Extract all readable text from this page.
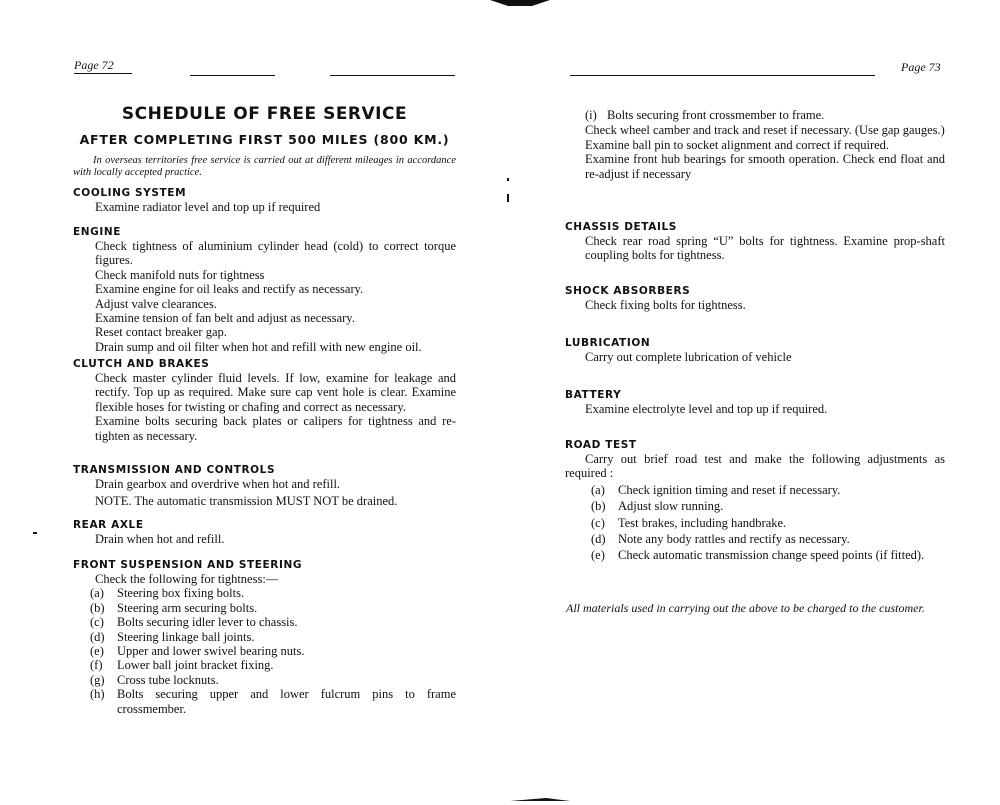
Page 72
SCHEDULE OF FREE SERVICE
AFTER COMPLETING FIRST 500 MILES (800 KM.)
In overseas territories free service is carried out at different mileages in accordance with locally accepted practice.
COOLING SYSTEM
Examine radiator level and top up if required
ENGINE
Check tightness of aluminium cylinder head (cold) to correct torque figures.
Check manifold nuts for tightness
Examine engine for oil leaks and rectify as necessary.
Adjust valve clearances.
Examine tension of fan belt and adjust as necessary.
Reset contact breaker gap.
Drain sump and oil filter when hot and refill with new engine oil.
CLUTCH AND BRAKES
Check master cylinder fluid levels. If low, examine for leakage and rectify. Top up as required. Make sure cap vent hole is clear. Examine flexible hoses for twisting or chafing and correct as necessary.
Examine bolts securing back plates or calipers for tightness and re-tighten as necessary.
TRANSMISSION AND CONTROLS
Drain gearbox and overdrive when hot and refill.
NOTE. The automatic transmission MUST NOT be drained.
REAR AXLE
Drain when hot and refill.
FRONT SUSPENSION AND STEERING
Check the following for tightness:—
(a)	Steering box fixing bolts.
(b) Steering arm securing bolts.
(c)	Bolts securing idler lever to chassis.
(d) Steering linkage ball joints.
(e)	Upper and lower swivel bearing nuts.
(f)	Lower ball joint bracket fixing.
(g) Cross tube locknuts.
(h) Bolts securing upper and lower fulcrum pins to frame crossmember.
Page 73
(i) Bolts securing front crossmember to frame.
Check wheel camber and track and reset if necessary. (Use gap gauges.)
Examine ball pin to socket alignment and correct if required.
Examine front hub bearings for smooth operation. Check end float and re-adjust if necessary
CHASSIS DETAILS
Check rear road spring “U” bolts for tightness. Examine prop-shaft coupling bolts for tightness.
SHOCK ABSORBERS
Check fixing bolts for tightness.
LUBRICATION
Carry out complete lubrication of vehicle
BATTERY
Examine electrolyte level and top up if required.
ROAD TEST
Carry out brief road test and make the following adjustments as required :
(a)	Check ignition timing and reset if necessary.
(b) Adjust slow running.
(c)	Test brakes, including handbrake.
(d) Note any body rattles and rectify as necessary.
(e)	Check automatic transmission change speed points (if fitted).
All materials used in carrying out the above to be charged to the customer.
